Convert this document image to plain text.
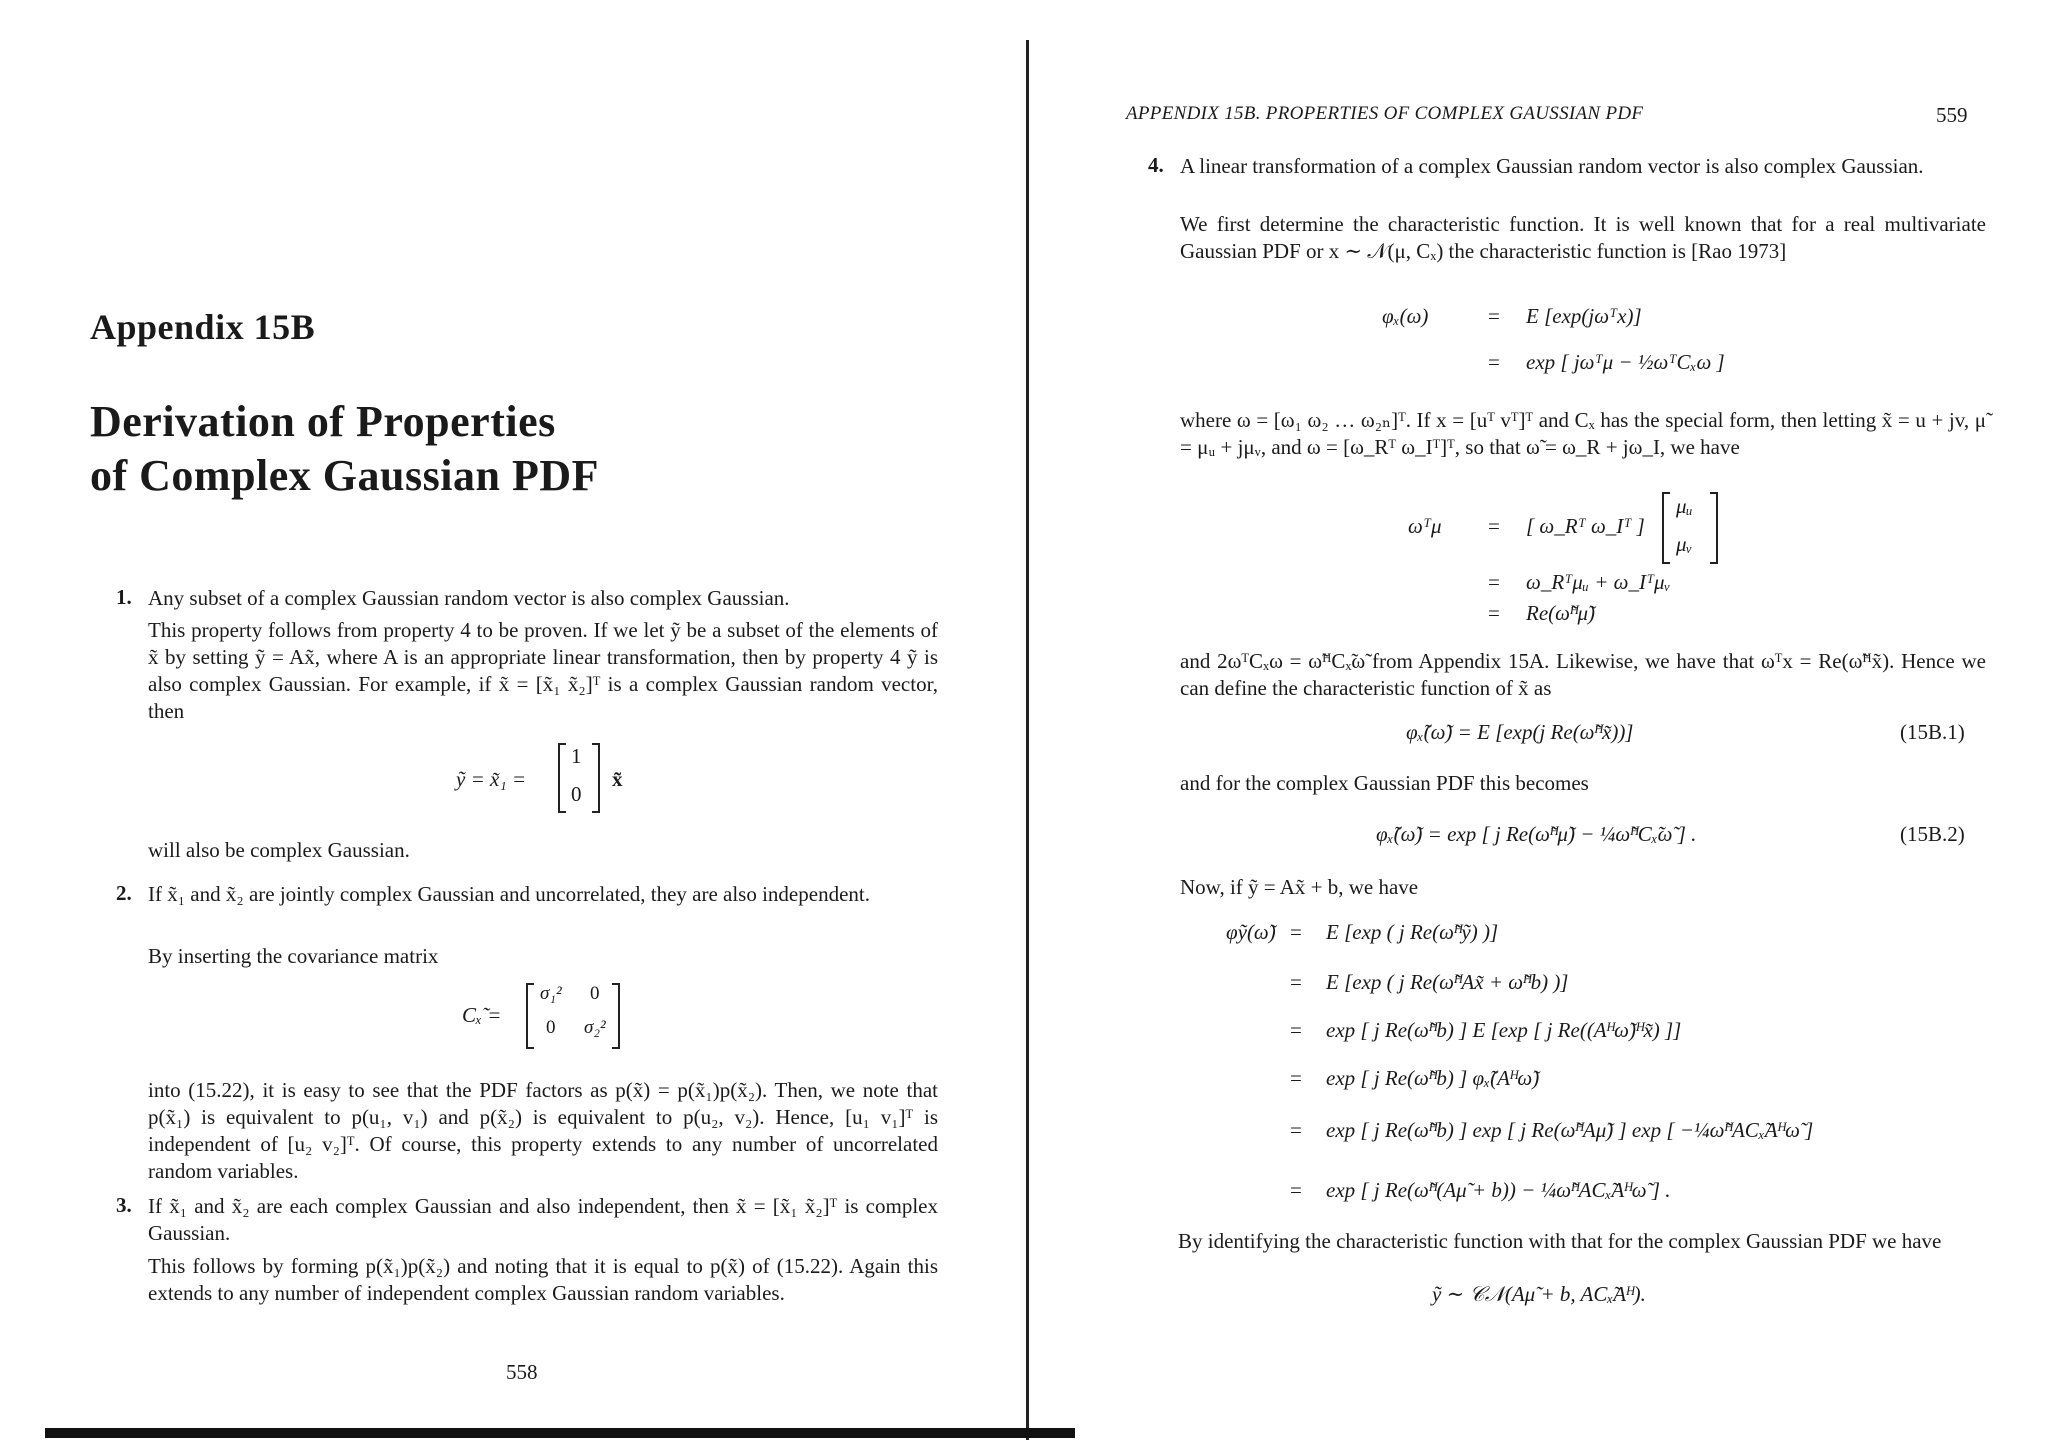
Appendix 15B
Derivation of Properties
of Complex Gaussian PDF
1. Any subset of a complex Gaussian random vector is also complex Gaussian.
This property follows from property 4 to be proven. If we let ỹ be a subset of the elements of x̃ by setting ỹ = Ax̃, where A is an appropriate linear transformation, then by property 4 ỹ is also complex Gaussian. For example, if x̃ = [x̃₁ x̃₂]ᵀ is a complex Gaussian random vector, then
ỹ = x̃₁ =
1
0
x̃
will also be complex Gaussian.
2. If x̃₁ and x̃₂ are jointly complex Gaussian and uncorrelated, they are also independent.
By inserting the covariance matrix
Cₓ̃ =
σ₁² 0
0 σ₂²
into (15.22), it is easy to see that the PDF factors as p(x̃) = p(x̃₁)p(x̃₂). Then, we note that p(x̃₁) is equivalent to p(u₁, v₁) and p(x̃₂) is equivalent to p(u₂, v₂). Hence, [u₁ v₁]ᵀ is independent of [u₂ v₂]ᵀ. Of course, this property extends to any number of uncorrelated random variables.
3. If x̃₁ and x̃₂ are each complex Gaussian and also independent, then x̃ = [x̃₁ x̃₂]ᵀ is complex Gaussian.
This follows by forming p(x̃₁)p(x̃₂) and noting that it is equal to p(x̃) of (15.22). Again this extends to any number of independent complex Gaussian random variables.
558
APPENDIX 15B. PROPERTIES OF COMPLEX GAUSSIAN PDF	559
4. A linear transformation of a complex Gaussian random vector is also complex Gaussian.
We first determine the characteristic function. It is well known that for a real multivariate Gaussian PDF or x ∼ 𝒩(μ, Cₓ) the characteristic function is [Rao 1973]
φₓ(ω)	= E [exp(jωᵀx)]
= exp [ jωᵀμ − ½ωᵀCₓω ]
where ω = [ω₁ ω₂ … ω₂ₙ]ᵀ. If x = [uᵀ vᵀ]ᵀ and Cₓ has the special form, then letting x̃ = u + jv, μ̃ = μᵤ + jμᵥ, and ω = [ω_Rᵀ ω_Iᵀ]ᵀ, so that ω̃ = ω_R + jω_I, we have
ωᵀμ = [ ω_Rᵀ ω_Iᵀ ]
μᵤ
μᵥ
= ω_Rᵀμᵤ + ω_Iᵀμᵥ
= Re(ω̃ᴴμ̃)
and 2ωᵀCₓω = ω̃ᴴCₓ̃ω̃ from Appendix 15A. Likewise, we have that ωᵀx = Re(ω̃ᴴx̃). Hence we can define the characteristic function of x̃ as
φₓ̃(ω̃) = E [exp(j Re(ω̃ᴴx̃))]	(15B.1)
and for the complex Gaussian PDF this becomes
φₓ̃(ω̃) = exp [ j Re(ω̃ᴴμ̃) − ¼ω̃ᴴCₓ̃ω̃ ] .	(15B.2)
Now, if ỹ = Ax̃ + b, we have
φỹ(ω̃) = E [exp ( j Re(ω̃ᴴỹ) )]
= E [exp ( j Re(ω̃ᴴAx̃ + ω̃ᴴb) )]
= exp [ j Re(ω̃ᴴb) ] E [exp [ j Re((Aᴴω̃)ᴴx̃) ]]
= exp [ j Re(ω̃ᴴb) ] φₓ̃(Aᴴω̃)
= exp [ j Re(ω̃ᴴb) ] exp [ j Re(ω̃ᴴAμ̃) ] exp [ −¼ω̃ᴴACₓ̃Aᴴω̃ ]
= exp [ j Re(ω̃ᴴ(Aμ̃ + b)) − ¼ω̃ᴴACₓ̃Aᴴω̃ ] .
By identifying the characteristic function with that for the complex Gaussian PDF we have
ỹ ∼ 𝒞𝒩(Aμ̃ + b, ACₓ̃Aᴴ).
